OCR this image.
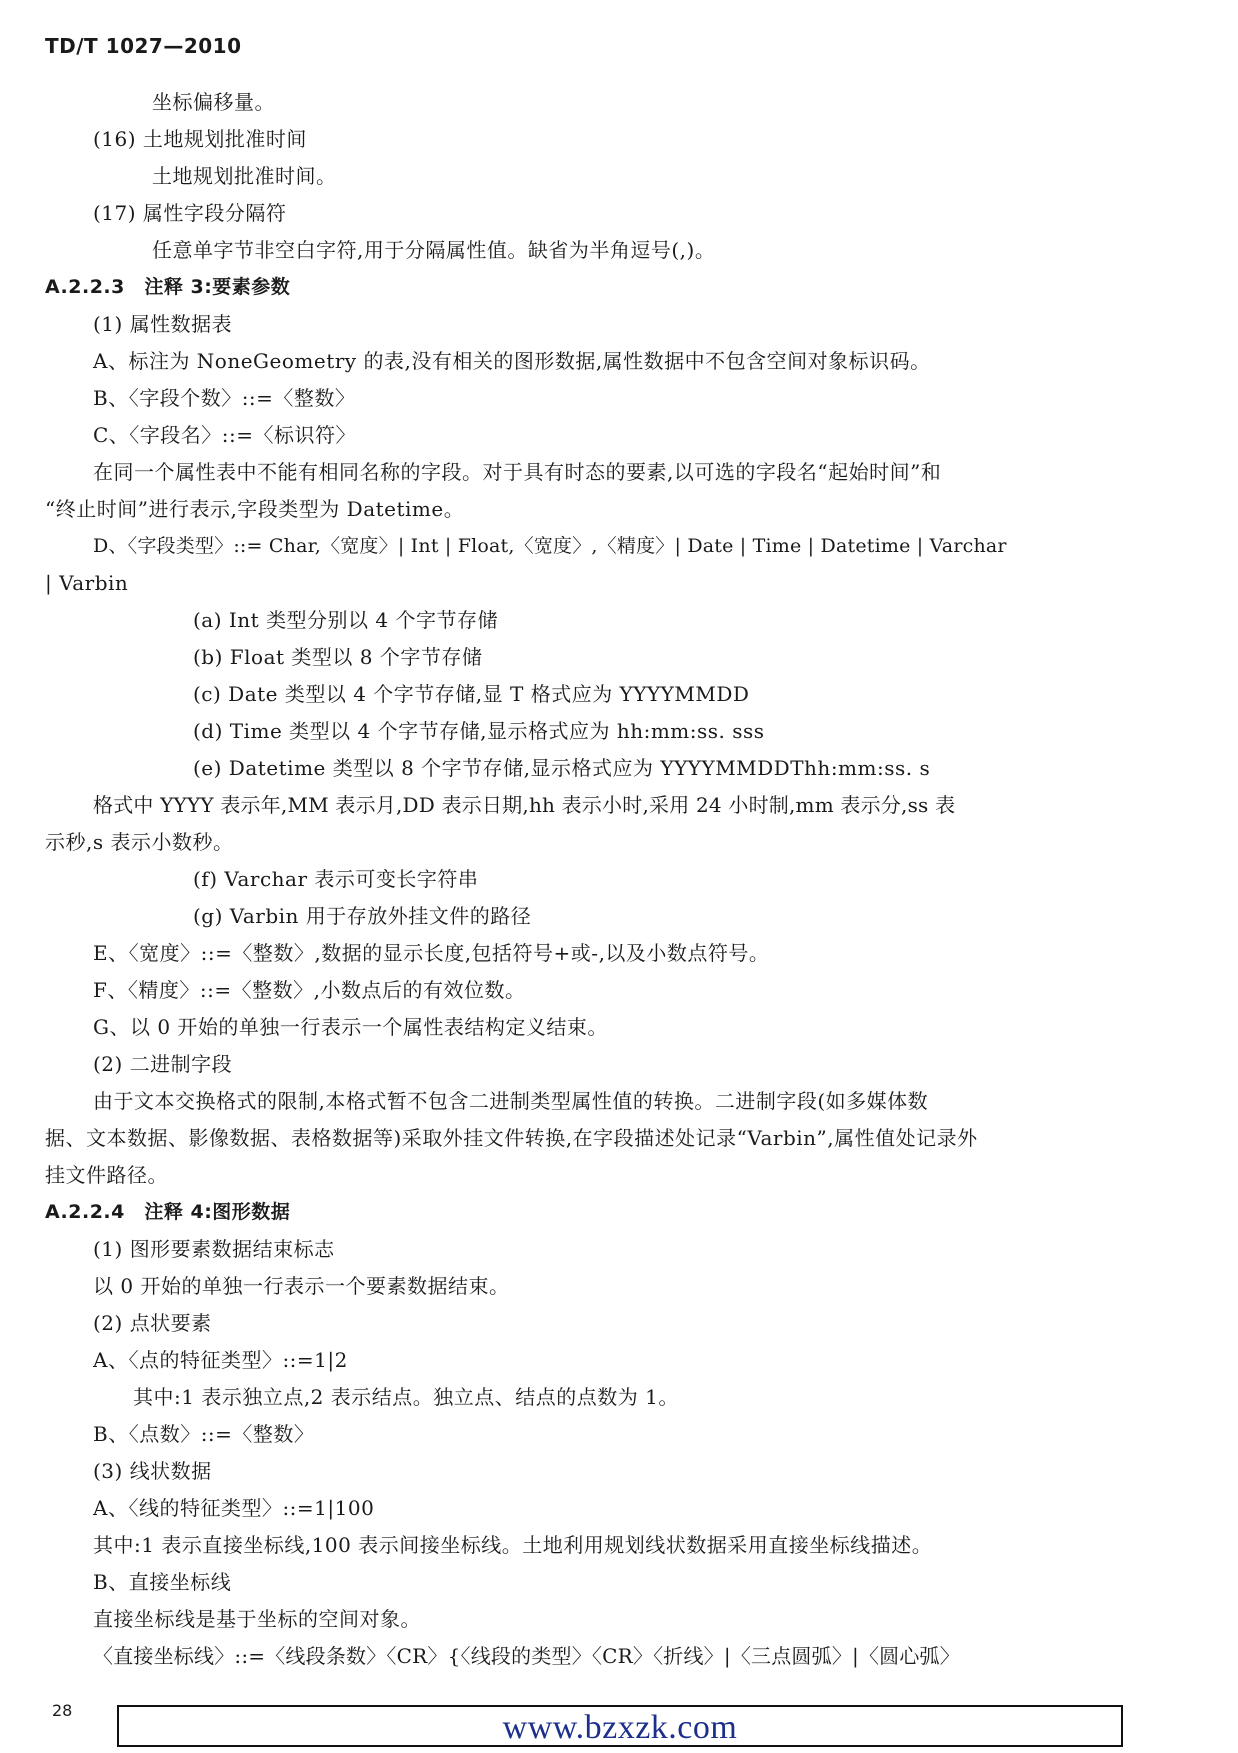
TD/T 1027—2010
坐标偏移量。
(16) 土地规划批准时间
土地规划批准时间。
(17) 属性字段分隔符
任意单字节非空白字符,用于分隔属性值。缺省为半角逗号(,)。
A.2.2.3　注释 3:要素参数
(1) 属性数据表
A、标注为 NoneGeometry 的表,没有相关的图形数据,属性数据中不包含空间对象标识码。
B、〈字段个数〉::=〈整数〉
C、〈字段名〉::=〈标识符〉
在同一个属性表中不能有相同名称的字段。对于具有时态的要素,以可选的字段名“起始时间”和
“终止时间”进行表示,字段类型为 Datetime。
D、〈字段类型〉::= Char,〈宽度〉| Int | Float,〈宽度〉,〈精度〉| Date | Time | Datetime | Varchar
| Varbin
(a) Int 类型分别以 4 个字节存储
(b) Float 类型以 8 个字节存储
(c) Date 类型以 4 个字节存储,显 T 格式应为 YYYYMMDD
(d) Time 类型以 4 个字节存储,显示格式应为 hh:mm:ss. sss
(e) Datetime 类型以 8 个字节存储,显示格式应为 YYYYMMDDThh:mm:ss. s
格式中 YYYY 表示年,MM 表示月,DD 表示日期,hh 表示小时,采用 24 小时制,mm 表示分,ss 表
示秒,s 表示小数秒。
(f) Varchar 表示可变长字符串
(g) Varbin 用于存放外挂文件的路径
E、〈宽度〉::=〈整数〉,数据的显示长度,包括符号+或-,以及小数点符号。
F、〈精度〉::=〈整数〉,小数点后的有效位数。
G、以 0 开始的单独一行表示一个属性表结构定义结束。
(2) 二进制字段
由于文本交换格式的限制,本格式暂不包含二进制类型属性值的转换。二进制字段(如多媒体数
据、文本数据、影像数据、表格数据等)采取外挂文件转换,在字段描述处记录“Varbin”,属性值处记录外
挂文件路径。
A.2.2.4　注释 4:图形数据
(1) 图形要素数据结束标志
以 0 开始的单独一行表示一个要素数据结束。
(2) 点状要素
A、〈点的特征类型〉::=1|2
其中:1 表示独立点,2 表示结点。独立点、结点的点数为 1。
B、〈点数〉::=〈整数〉
(3) 线状数据
A、〈线的特征类型〉::=1|100
其中:1 表示直接坐标线,100 表示间接坐标线。土地利用规划线状数据采用直接坐标线描述。
B、直接坐标线
直接坐标线是基于坐标的空间对象。
〈直接坐标线〉::=〈线段条数〉〈CR〉{〈线段的类型〉〈CR〉〈折线〉|〈三点圆弧〉|〈圆心弧〉
28	www.bzxzk.com
